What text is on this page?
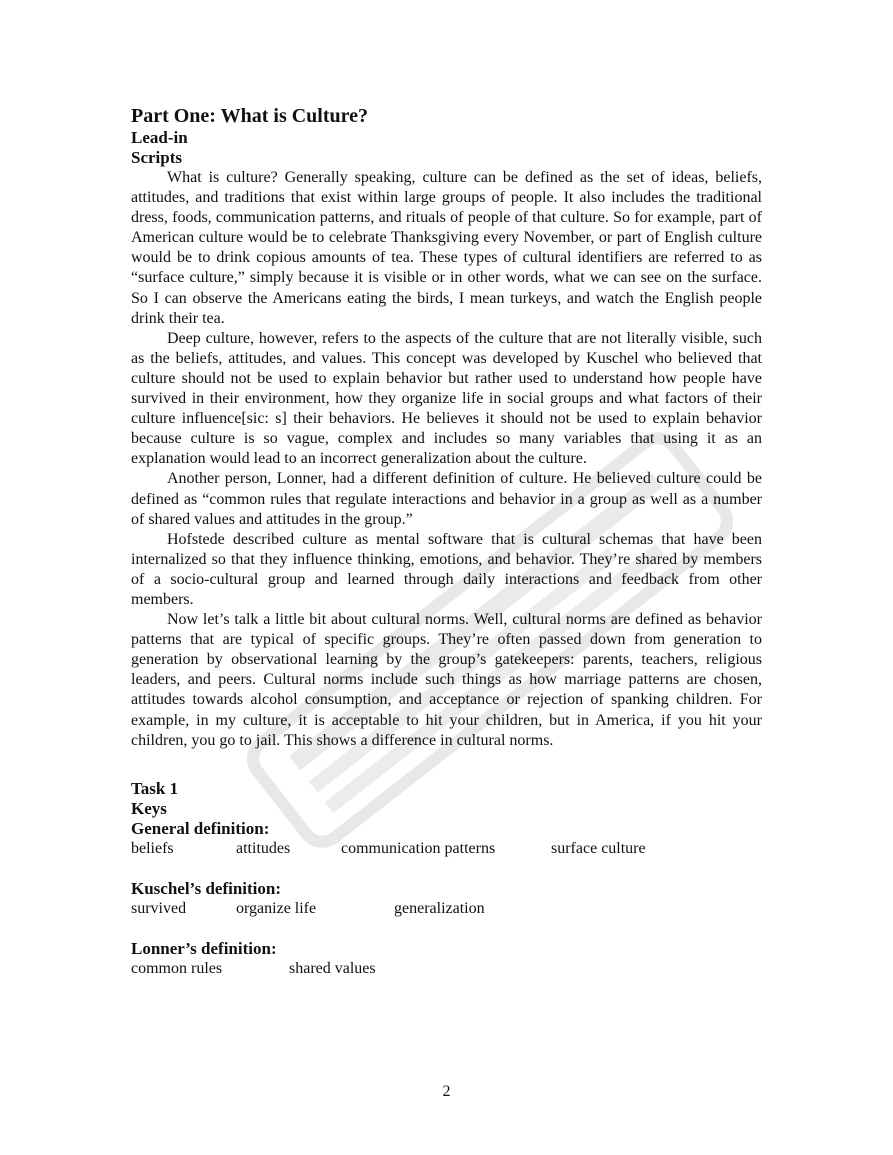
Part One: What is Culture?
Lead-in
Scripts

What is culture? Generally speaking, culture can be defined as the set of ideas, beliefs, attitudes, and traditions that exist within large groups of people. It also includes the traditional dress, foods, communication patterns, and rituals of people of that culture. So for example, part of American culture would be to celebrate Thanksgiving every November, or part of English culture would be to drink copious amounts of tea. These types of cultural identifiers are referred to as “surface culture,” simply because it is visible or in other words, what we can see on the surface. So I can observe the Americans eating the birds, I mean turkeys, and watch the English people drink their tea.

Deep culture, however, refers to the aspects of the culture that are not literally visible, such as the beliefs, attitudes, and values. This concept was developed by Kuschel who believed that culture should not be used to explain behavior but rather used to understand how people have survived in their environment, how they organize life in social groups and what factors of their culture influence[sic: s] their behaviors. He believes it should not be used to explain behavior because culture is so vague, complex and includes so many variables that using it as an explanation would lead to an incorrect generalization about the culture.

Another person, Lonner, had a different definition of culture. He believed culture could be defined as “common rules that regulate interactions and behavior in a group as well as a number of shared values and attitudes in the group.”

Hofstede described culture as mental software that is cultural schemas that have been internalized so that they influence thinking, emotions, and behavior. They’re shared by members of a socio-cultural group and learned through daily interactions and feedback from other members.

Now let’s talk a little bit about cultural norms. Well, cultural norms are defined as behavior patterns that are typical of specific groups. They’re often passed down from generation to generation by observational learning by the group’s gatekeepers: parents, teachers, religious leaders, and peers. Cultural norms include such things as how marriage patterns are chosen, attitudes towards alcohol consumption, and acceptance or rejection of spanking children. For example, in my culture, it is acceptable to hit your children, but in America, if you hit your children, you go to jail. This shows a difference in cultural norms.

Task 1
Keys
General definition:
beliefs	attitudes	communication patterns	surface culture
Kuschel’s definition:
survived	organize life	generalization
Lonner’s definition:
common rules	shared values
2
